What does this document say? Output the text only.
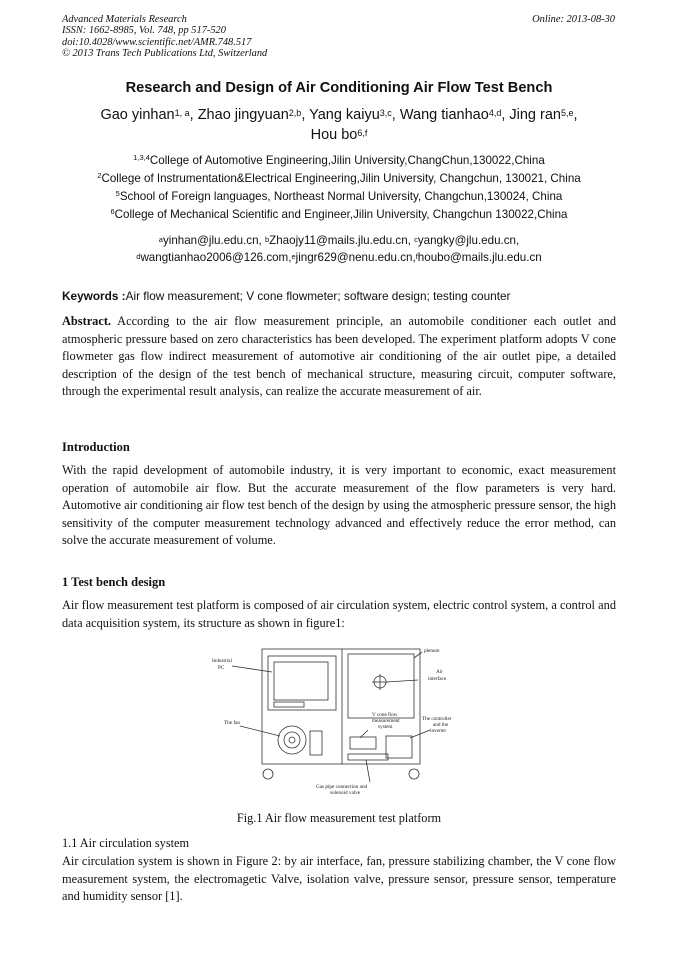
Advanced Materials Research
ISSN: 1662-8985, Vol. 748, pp 517-520
doi:10.4028/www.scientific.net/AMR.748.517
© 2013 Trans Tech Publications Ltd, Switzerland
Online: 2013-08-30
Research and Design of Air Conditioning Air Flow Test Bench
Gao yinhan$^{1, a}$, Zhao jingyuan$^{2,b}$, Yang kaiyu$^{3,c}$, Wang tianhao$^{4,d}$, Jing ran$^{5,e}$,
Hou bo$^{6,f}$
$^{1,3,4}$College of Automotive Engineering,Jilin University,ChangChun,130022,China
$^2$College of Instrumentation&Electrical Engineering,Jilin University, Changchun, 130021, China
$^5$School of Foreign languages, Northeast Normal University, Changchun,130024, China
$^6$College of Mechanical Scientific and Engineer,Jilin University, Changchun 130022,China
$^a$yinhan@jlu.edu.cn, $^b$Zhaojy11@mails.jlu.edu.cn, $^c$yangky@jlu.edu.cn,
$^d$wangtianhao2006@126.com,$^e$jingr629@nenu.edu.cn,$^f$houbo@mails.jlu.edu.cn
Keywords :Air flow measurement; V cone flowmeter; software design; testing counter
Abstract. According to the air flow measurement principle, an automobile conditioner each outlet and atmospheric pressure based on zero characteristics has been developed. The experiment platform adopts V cone flowmeter gas flow indirect measurement of automotive air conditioning of the air outlet pipe, a detailed description of the design of the test bench of mechanical structure, measuring circuit, computer software, through the experimental result analysis, can realize the accurate measurement of air.
Introduction
With the rapid development of automobile industry, it is very important to economic, exact measurement operation of automobile air flow. But the accurate measurement of the flow parameters is very hard. Automotive air conditioning air flow test bench of the design by using the atmospheric pressure sensor, the high sensitivity of the computer measurement technology advanced and effectively reduce the error method, can solve the accurate measurement of volume.
1 Test bench design
Air flow measurement test platform is composed of air circulation system, electric control system, a control and data acquisition system, its structure as shown in figure1:
Industrial
PC
The fan
plenum
Air
interface
V cone flow
measurement
system
The controller
and the
inverter
Gas pipe connection and
solenoid valve
Fig.1 Air flow measurement test platform
1.1 Air circulation system
Air circulation system is shown in Figure 2: by air interface, fan, pressure stabilizing chamber, the V cone flow measurement system, the electromagetic Valve, isolation valve, pressure sensor, pressure sensor, temperature and humidity sensor [1].
